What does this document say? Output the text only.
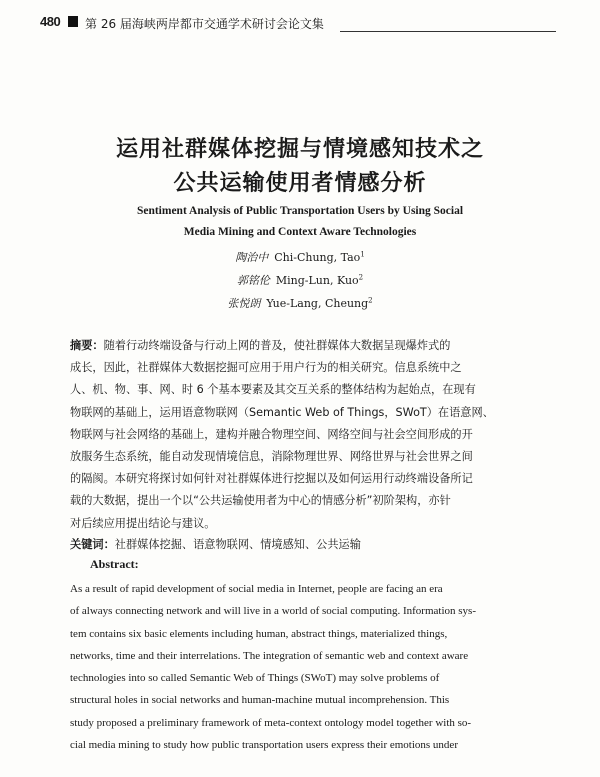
480 第 26 届海峡两岸都市交通学术研讨会论文集
运用社群媒体挖掘与情境感知技术之
公共运输使用者情感分析
Sentiment Analysis of Public Transportation Users by Using Social
Media Mining and Context Aware Technologies
陶治中 Chi-Chung, Tao$^1$
郭铭伦 Ming-Lun, Kuo$^2$
张悦朗 Yue-Lang, Cheung$^2$
摘要：随着行动终端设备与行动上网的普及，使社群媒体大数据呈现爆炸式的
成长，因此，社群媒体大数据挖掘可应用于用户行为的相关研究。信息系统中之
人、机、物、事、网、时 6 个基本要素及其交互关系的整体结构为起始点，在现有
物联网的基础上，运用语意物联网（Semantic Web of Things，SWoT）在语意网、
物联网与社会网络的基础上，建构并融合物理空间、网络空间与社会空间形成的开
放服务生态系统，能自动发现情境信息，消除物理世界、网络世界与社会世界之间
的隔阂。本研究将探讨如何针对社群媒体进行挖掘以及如何运用行动终端设备所记
载的大数据，提出一个以“公共运输使用者为中心的情感分析”初阶架构，亦针
对后续应用提出结论与建议。
关键词：社群媒体挖掘、语意物联网、情境感知、公共运输
Abstract:
As a result of rapid development of social media in Internet, people are facing an era
of always connecting network and will live in a world of social computing. Information sys-
tem contains six basic elements including human, abstract things, materialized things,
networks, time and their interrelations. The integration of semantic web and context aware
technologies into so called Semantic Web of Things (SWoT) may solve problems of
structural holes in social networks and human-machine mutual incomprehension. This
study proposed a preliminary framework of meta-context ontology model together with so-
cial media mining to study how public transportation users express their emotions under
